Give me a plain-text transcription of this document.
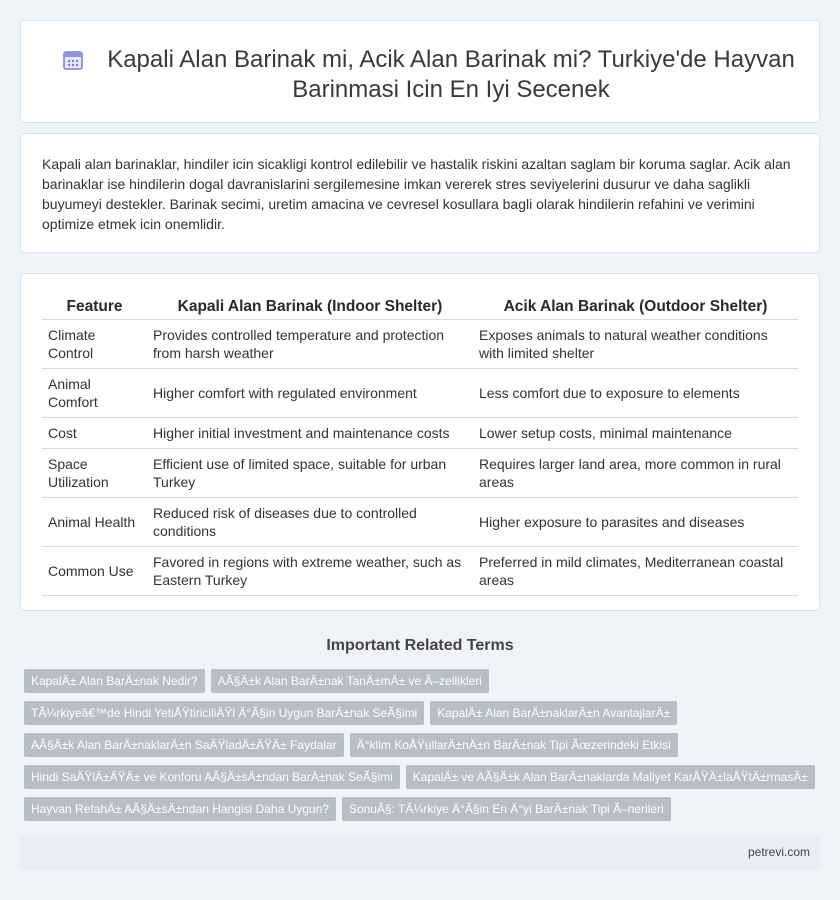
Kapali Alan Barinak mi, Acik Alan Barinak mi? Turkiye'de Hayvan Barinmasi Icin En Iyi Secenek

Kapali alan barinaklar, hindiler icin sicakligi kontrol edilebilir ve hastalik riskini azaltan saglam bir koruma saglar. Acik alan barinaklar ise hindilerin dogal davranislarini sergilemesine imkan vererek stres seviyelerini dusurur ve daha saglikli buyumeyi destekler. Barinak secimi, uretim amacina ve cevresel kosullara bagli olarak hindilerin refahini ve verimini optimize etmek icin onemlidir.

Feature	Kapali Alan Barinak (Indoor Shelter)	Acik Alan Barinak (Outdoor Shelter)
Climate Control	Provides controlled temperature and protection from harsh weather	Exposes animals to natural weather conditions with limited shelter
Animal Comfort	Higher comfort with regulated environment	Less comfort due to exposure to elements
Cost	Higher initial investment and maintenance costs	Lower setup costs, minimal maintenance
Space Utilization	Efficient use of limited space, suitable for urban Turkey	Requires larger land area, more common in rural areas
Animal Health	Reduced risk of diseases due to controlled conditions	Higher exposure to parasites and diseases
Common Use	Favored in regions with extreme weather, such as Eastern Turkey	Preferred in mild climates, Mediterranean coastal areas
Important Related Terms
KapalÄ± Alan BarÄ±nak Nedir?	AÃ§Ä±k Alan BarÄ±nak TanÄ±mÄ± ve Ã–zellikleri
TÃ¼rkiyeâ€™de Hindi YetiÅŸtiriciliÄŸi Ä°Ã§in Uygun BarÄ±nak SeÃ§imi	KapalÄ± Alan BarÄ±naklarÄ±n AvantajlarÄ±
AÃ§Ä±k Alan BarÄ±naklarÄ±n SaÄŸladÄ±ÄŸÄ± Faydalar	Ä°klim KoÅŸullarÄ±nÄ±n BarÄ±nak Tipi Ãœzerindeki Etkisi
Hindi SaÄŸlÄ±ÄŸÄ± ve Konforu AÃ§Ä±sÄ±ndan BarÄ±nak SeÃ§imi	KapalÄ± ve AÃ§Ä±k Alan BarÄ±naklarda Maliyet KarÅŸÄ±laÅŸtÄ±rmasÄ±
Hayvan RefahÄ± AÃ§Ä±sÄ±ndan Hangisi Daha Uygun?	SonuÃ§: TÃ¼rkiye Ä°Ã§in En Ä°yi BarÄ±nak Tipi Ã–nerileri
petrevi.com
